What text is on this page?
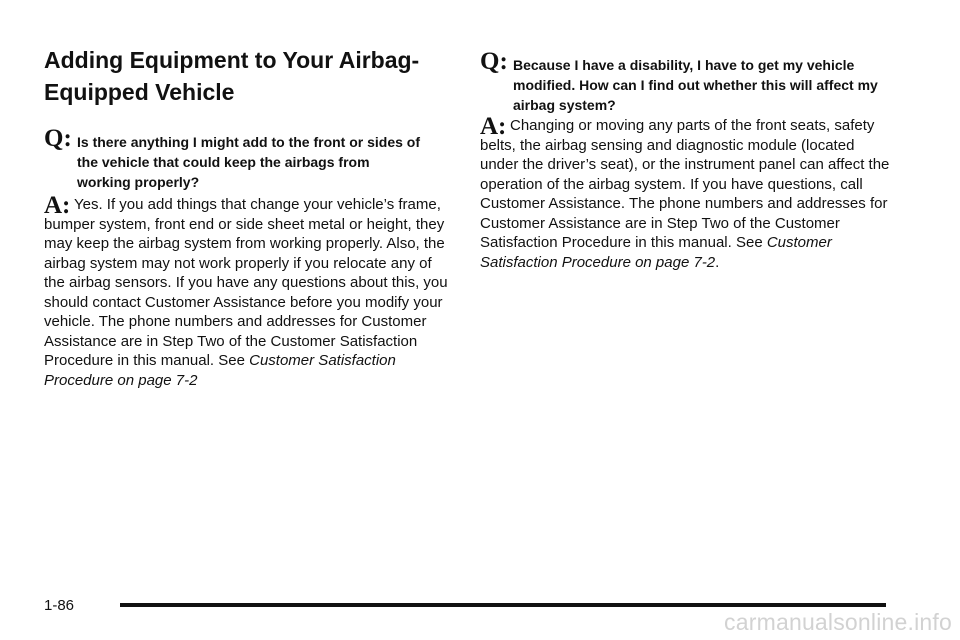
Adding Equipment to Your Airbag-Equipped Vehicle
Q: Is there anything I might add to the front or sides of the vehicle that could keep the airbags from working properly?
A: Yes. If you add things that change your vehicle’s frame, bumper system, front end or side sheet metal or height, they may keep the airbag system from working properly. Also, the airbag system may not work properly if you relocate any of the airbag sensors. If you have any questions about this, you should contact Customer Assistance before you modify your vehicle. The phone numbers and addresses for Customer Assistance are in Step Two of the Customer Satisfaction Procedure in this manual. See Customer Satisfaction Procedure on page 7-2
Q: Because I have a disability, I have to get my vehicle modified. How can I find out whether this will affect my airbag system?
A: Changing or moving any parts of the front seats, safety belts, the airbag sensing and diagnostic module (located under the driver’s seat), or the instrument panel can affect the operation of the airbag system. If you have questions, call Customer Assistance. The phone numbers and addresses for Customer Assistance are in Step Two of the Customer Satisfaction Procedure in this manual. See Customer Satisfaction Procedure on page 7-2.
1-86
carmanualsonline.info
